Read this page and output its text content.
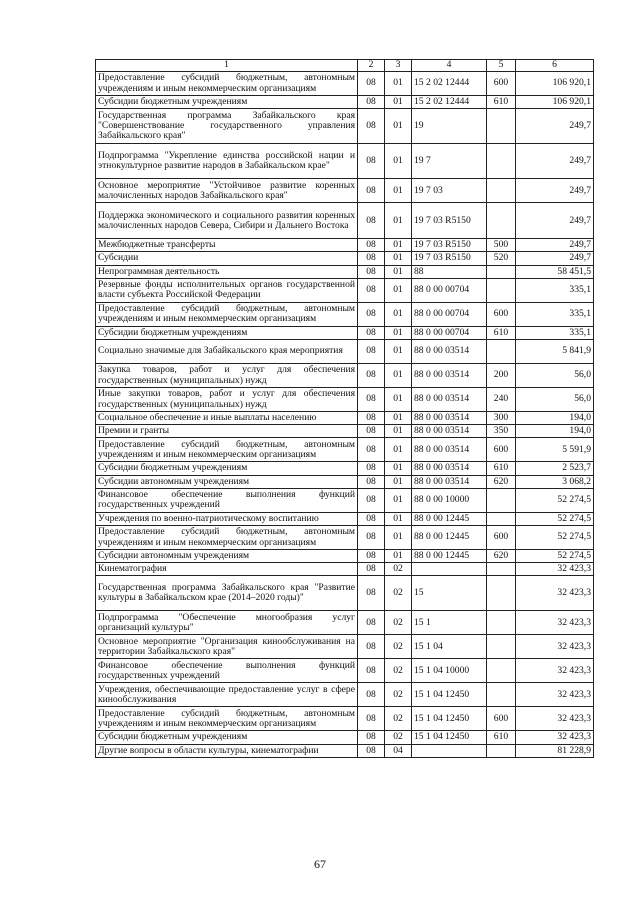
1	2	3	4	5	6
Предоставление субсидий бюджетным, автономным учреждениям и иным некоммерческим организациям	08	01	15 2 02 12444	600	106 920,1
Субсидии бюджетным учреждениям	08	01	15 2 02 12444	610	106 920,1
Государственная программа Забайкальского края "Совершенствование государственного управления Забайкальского края"	08	01	19		249,7
Подпрограмма "Укрепление единства российской нации и этнокультурное развитие народов в Забайкальском крае"	08	01	19 7		249,7
Основное мероприятие "Устойчивое развитие коренных малочисленных народов Забайкальского края"	08	01	19 7 03		249,7
Поддержка экономического и социального развития коренных малочисленных народов Севера, Сибири и Дальнего Востока	08	01	19 7 03 R5150		249,7
Межбюджетные трансферты	08	01	19 7 03 R5150	500	249,7
Субсидии	08	01	19 7 03 R5150	520	249,7
Непрограммная деятельность	08	01	88		58 451,5
Резервные фонды исполнительных органов государственной власти субъекта Российской Федерации	08	01	88 0 00 00704		335,1
Предоставление субсидий бюджетным, автономным учреждениям и иным некоммерческим организациям	08	01	88 0 00 00704	600	335,1
Субсидии бюджетным учреждениям	08	01	88 0 00 00704	610	335,1
Социально значимые для Забайкальского края мероприятия	08	01	88 0 00 03514		5 841,9
Закупка товаров, работ и услуг для обеспечения государственных (муниципальных) нужд	08	01	88 0 00 03514	200	56,0
Иные закупки товаров, работ и услуг для обеспечения государственных (муниципальных) нужд	08	01	88 0 00 03514	240	56,0
Социальное обеспечение и иные выплаты населению	08	01	88 0 00 03514	300	194,0
Премии и гранты	08	01	88 0 00 03514	350	194,0
Предоставление субсидий бюджетным, автономным учреждениям и иным некоммерческим организациям	08	01	88 0 00 03514	600	5 591,9
Субсидии бюджетным учреждениям	08	01	88 0 00 03514	610	2 523,7
Субсидии автономным учреждениям	08	01	88 0 00 03514	620	3 068,2
Финансовое обеспечение выполнения функций государственных учреждений	08	01	88 0 00 10000		52 274,5
Учреждения по военно-патриотическому воспитанию	08	01	88 0 00 12445		52 274,5
Предоставление субсидий бюджетным, автономным учреждениям и иным некоммерческим организациям	08	01	88 0 00 12445	600	52 274,5
Субсидии автономным учреждениям	08	01	88 0 00 12445	620	52 274,5
Кинематография	08	02			32 423,3
Государственная программа Забайкальского края "Развитие культуры в Забайкальском крае (2014–2020 годы)"	08	02	15		32 423,3
Подпрограмма "Обеспечение многообразия услуг организаций культуры"	08	02	15 1		32 423,3
Основное мероприятие "Организация кинообслуживания на территории Забайкальского края"	08	02	15 1 04		32 423,3
Финансовое обеспечение выполнения функций государственных учреждений	08	02	15 1 04 10000		32 423,3
Учреждения, обеспечивающие предоставление услуг в сфере кинообслуживания	08	02	15 1 04 12450		32 423,3
Предоставление субсидий бюджетным, автономным учреждениям и иным некоммерческим организациям	08	02	15 1 04 12450	600	32 423,3
Субсидии бюджетным учреждениям	08	02	15 1 04 12450	610	32 423,3
Другие вопросы в области культуры, кинематографии	08	04			81 228,9
67
